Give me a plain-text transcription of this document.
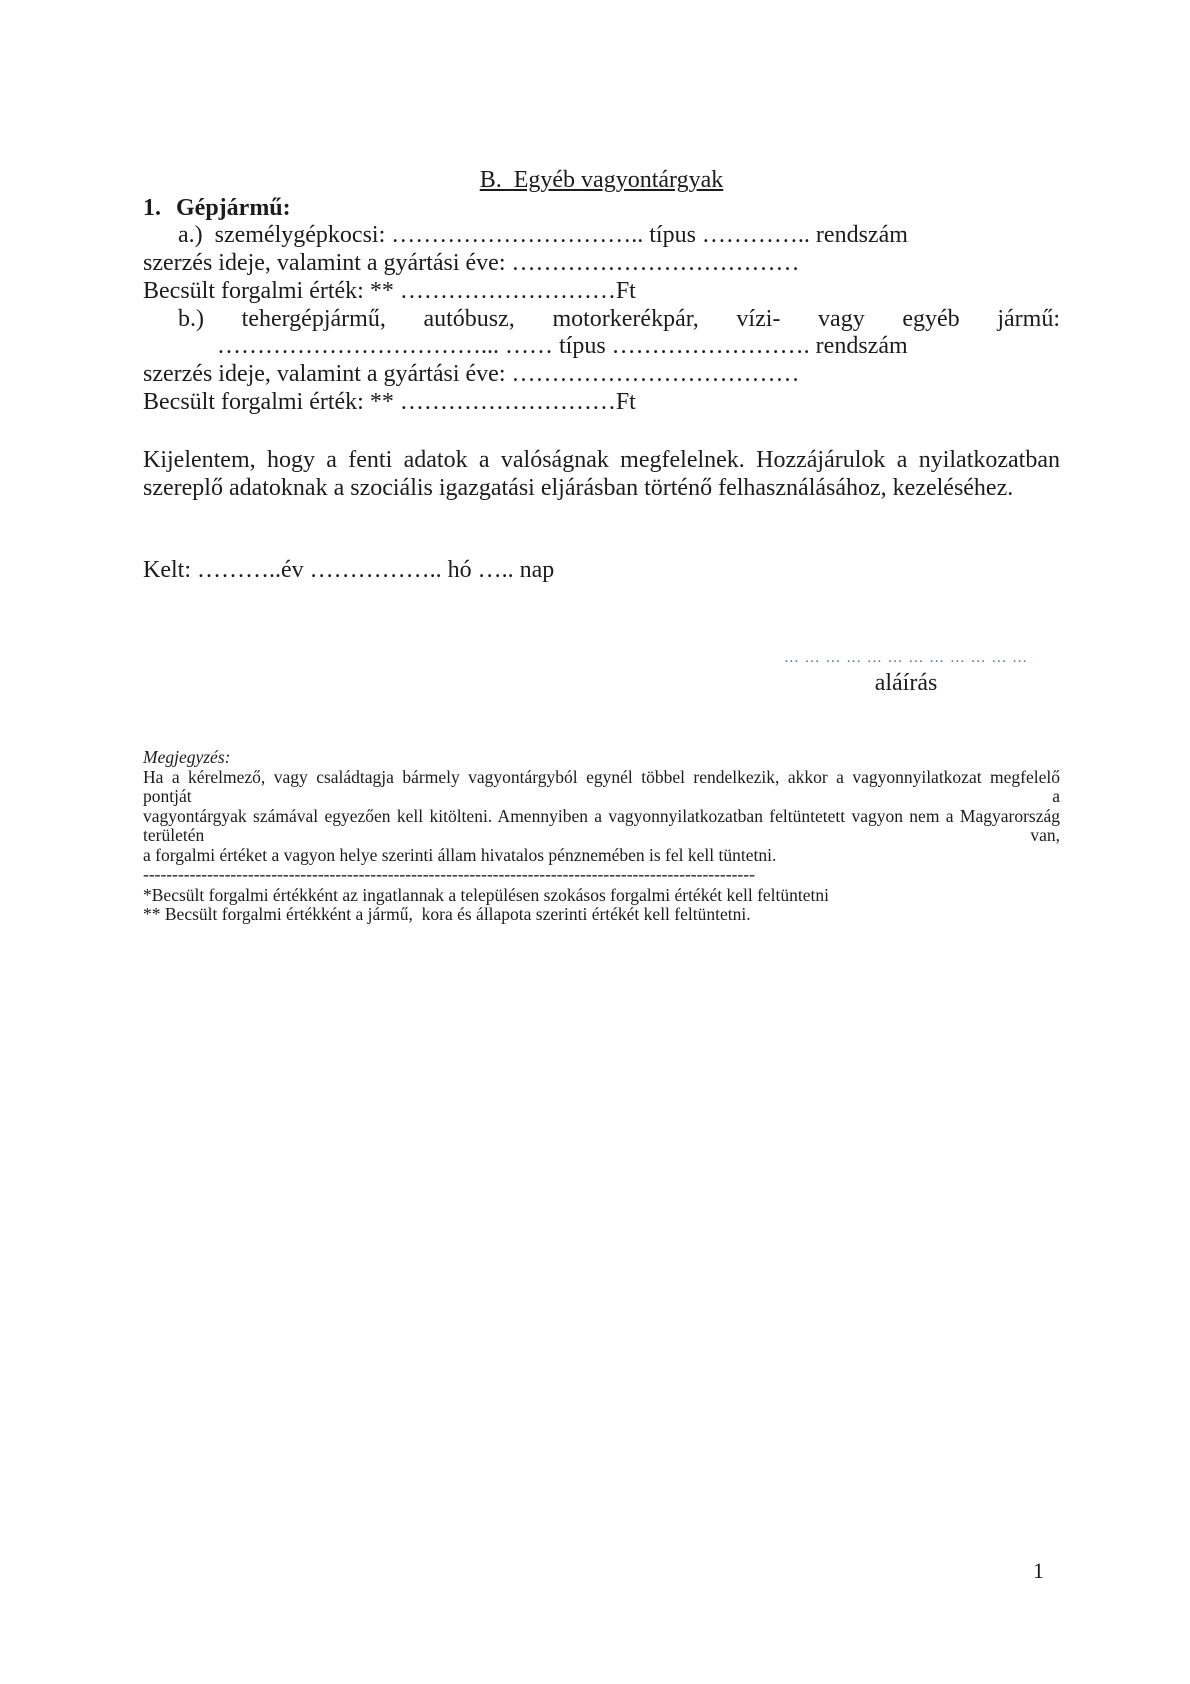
B.  Egyéb vagyontárgyak
1. Gépjármű:
a.)  személygépkocsi: ………………………….. típus ………….. rendszám
szerzés ideje, valamint a gyártási éve: ………………………………
Becsült forgalmi érték: ** ………………………Ft
b.) tehergépjármű, autóbusz, motorkerékpár, vízi- vagy egyéb jármű:
……………………………... …… típus ……………………. rendszám
szerzés ideje, valamint a gyártási éve: ………………………………
Becsült forgalmi érték: ** ………………………Ft
Kijelentem, hogy a fenti adatok a valóságnak megfelelnek. Hozzájárulok a nyilatkozatban
szereplő adatoknak a szociális igazgatási eljárásban történő felhasználásához, kezeléséhez.
Kelt: ………..év …………….. hó ….. nap
… … … … … … … … … … … …
aláírás
Megjegyzés:
Ha a kérelmező, vagy családtagja bármely vagyontárgyból egynél többel rendelkezik, akkor a vagyonnyilatkozat megfelelő pontját a
vagyontárgyak számával egyezően kell kitölteni. Amennyiben a vagyonnyilatkozatban feltüntetett vagyon nem a Magyarország területén van,
a forgalmi értéket a vagyon helye szerinti állam hivatalos pénznemében is fel kell tüntetni.
---------------------------------------------------------------------------------------------------------
*Becsült forgalmi értékként az ingatlannak a településen szokásos forgalmi értékét kell feltüntetni
** Becsült forgalmi értékként a jármű,  kora és állapota szerinti értékét kell feltüntetni.
1
